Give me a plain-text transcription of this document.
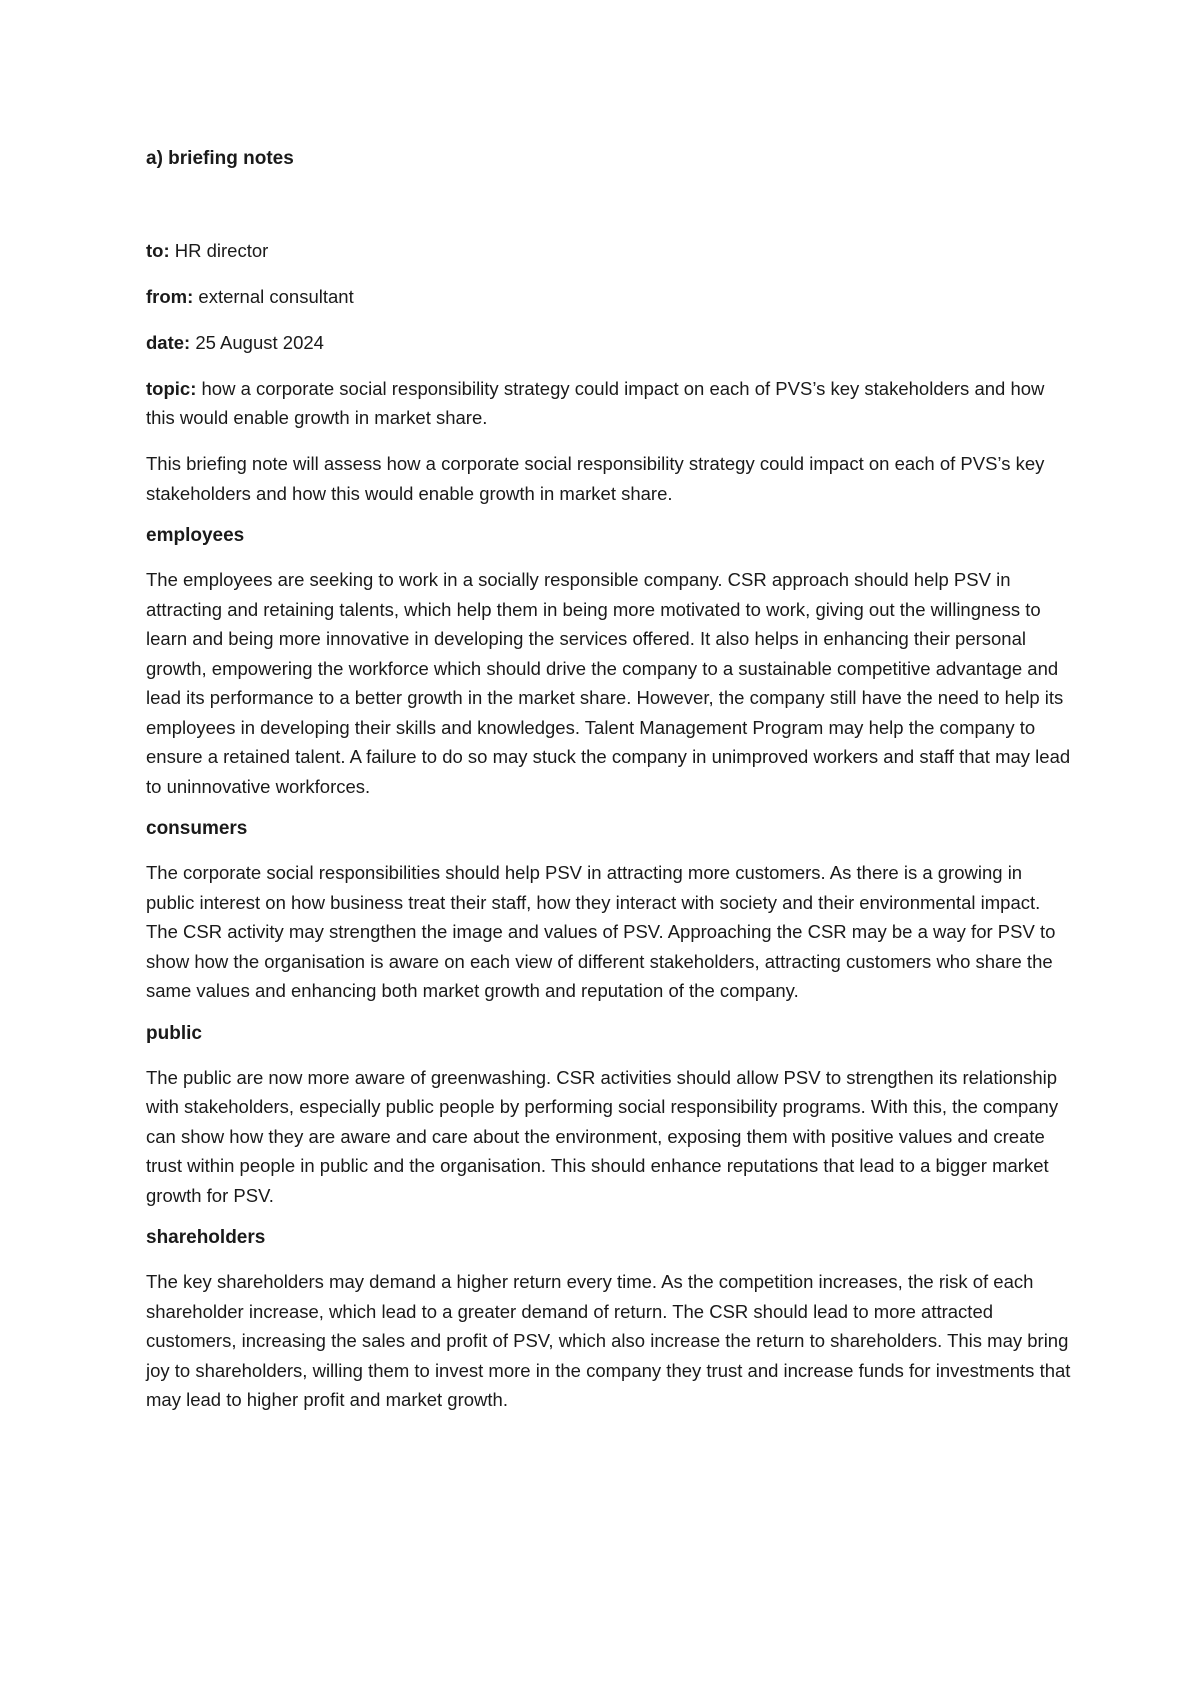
a) briefing notes
to: HR director
from: external consultant
date: 25 August 2024
topic: how a corporate social responsibility strategy could impact on each of PVS’s key stakeholders and how this would enable growth in market share.

This briefing note will assess how a corporate social responsibility strategy could impact on each of PVS’s key stakeholders and how this would enable growth in market share.

employees

The employees are seeking to work in a socially responsible company. CSR approach should help PSV in attracting and retaining talents, which help them in being more motivated to work, giving out the willingness to learn and being more innovative in developing the services offered. It also helps in enhancing their personal growth, empowering the workforce which should drive the company to a sustainable competitive advantage and lead its performance to a better growth in the market share. However, the company still have the need to help its employees in developing their skills and knowledges. Talent Management Program may help the company to ensure a retained talent. A failure to do so may stuck the company in unimproved workers and staff that may lead to uninnovative workforces.

consumers

The corporate social responsibilities should help PSV in attracting more customers. As there is a growing in public interest on how business treat their staff, how they interact with society and their environmental impact. The CSR activity may strengthen the image and values of PSV. Approaching the CSR may be a way for PSV to show how the organisation is aware on each view of different stakeholders, attracting customers who share the same values and enhancing both market growth and reputation of the company.

public

The public are now more aware of greenwashing. CSR activities should allow PSV to strengthen its relationship with stakeholders, especially public people by performing social responsibility programs. With this, the company can show how they are aware and care about the environment, exposing them with positive values and create trust within people in public and the organisation. This should enhance reputations that lead to a bigger market growth for PSV.

shareholders

The key shareholders may demand a higher return every time. As the competition increases, the risk of each shareholder increase, which lead to a greater demand of return. The CSR should lead to more attracted customers, increasing the sales and profit of PSV, which also increase the return to shareholders. This may bring joy to shareholders, willing them to invest more in the company they trust and increase funds for investments that may lead to higher profit and market growth.
